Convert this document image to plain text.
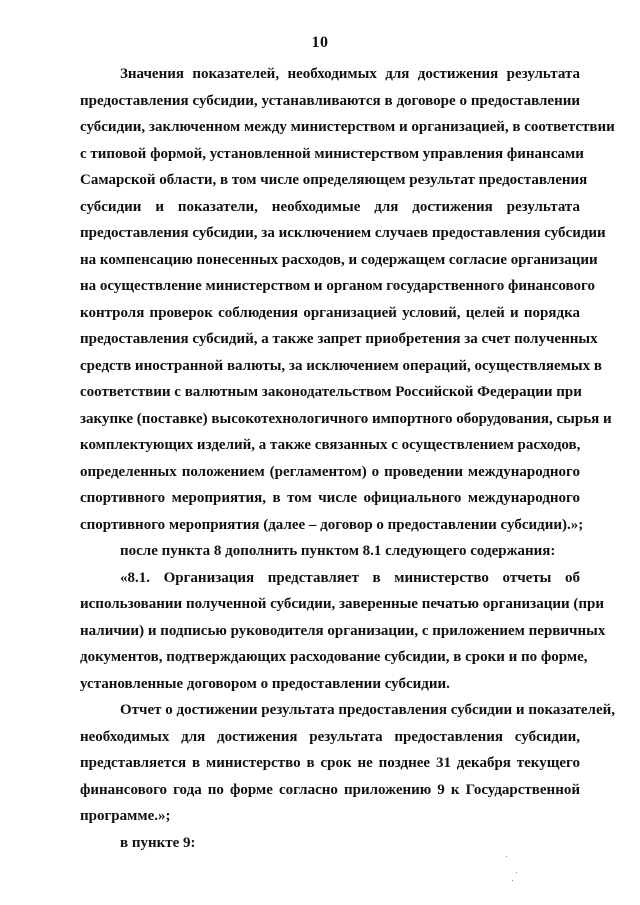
10
Значения показателей, необходимых для достижения результата
предоставления субсидии, устанавливаются в договоре о предоставлении
субсидии, заключенном между министерством и организацией, в соответствии
с типовой формой, установленной министерством управления финансами
Самарской области, в том числе определяющем результат предоставления
субсидии и показатели, необходимые для достижения результата
предоставления субсидии, за исключением случаев предоставления субсидии
на компенсацию понесенных расходов, и содержащем согласие организации
на осуществление министерством и органом государственного финансового
контроля проверок соблюдения организацией условий, целей и порядка
предоставления субсидий, а также запрет приобретения за счет полученных
средств иностранной валюты, за исключением операций, осуществляемых в
соответствии с валютным законодательством Российской Федерации при
закупке (поставке) высокотехнологичного импортного оборудования, сырья и
комплектующих изделий, а также связанных с осуществлением расходов,
определенных положением (регламентом) о проведении международного
спортивного мероприятия, в том числе официального международного
спортивного мероприятия (далее – договор о предоставлении субсидии).»;
после пункта 8 дополнить пунктом 8.1 следующего содержания:
«8.1. Организация представляет в министерство отчеты об
использовании полученной субсидии, заверенные печатью организации (при
наличии) и подписью руководителя организации, с приложением первичных
документов, подтверждающих расходование субсидии, в сроки и по форме,
установленные договором о предоставлении субсидии.
Отчет о достижении результата предоставления субсидии и показателей,
необходимых для достижения результата предоставления субсидии,
представляется в министерство в срок не позднее 31 декабря текущего
финансового года по форме согласно приложению 9 к Государственной
программе.»;
в пункте 9:
